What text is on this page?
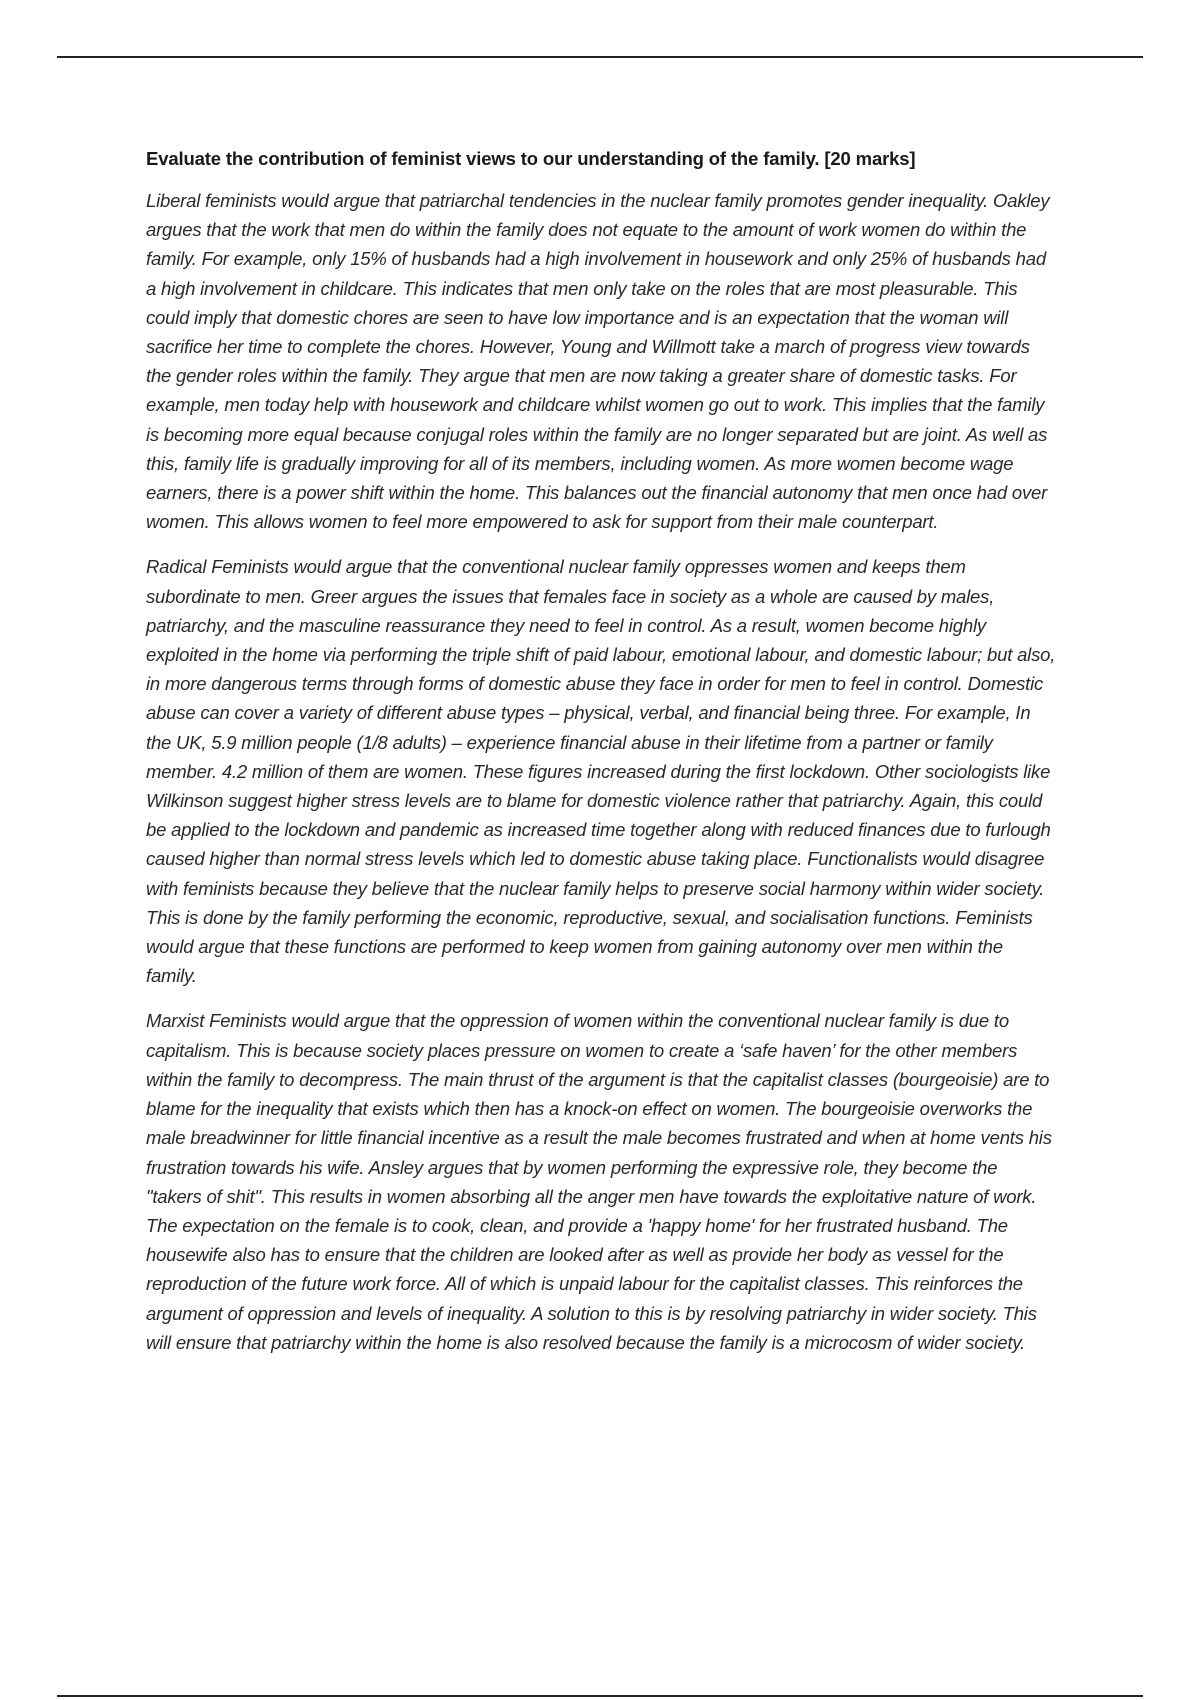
Evaluate the contribution of feminist views to our understanding of the family. [20 marks]

Liberal feminists would argue that patriarchal tendencies in the nuclear family promotes gender inequality. Oakley argues that the work that men do within the family does not equate to the amount of work women do within the family. For example, only 15% of husbands had a high involvement in housework and only 25% of husbands had a high involvement in childcare. This indicates that men only take on the roles that are most pleasurable. This could imply that domestic chores are seen to have low importance and is an expectation that the woman will sacrifice her time to complete the chores. However, Young and Willmott take a march of progress view towards the gender roles within the family. They argue that men are now taking a greater share of domestic tasks. For example, men today help with housework and childcare whilst women go out to work. This implies that the family is becoming more equal because conjugal roles within the family are no longer separated but are joint. As well as this, family life is gradually improving for all of its members, including women. As more women become wage earners, there is a power shift within the home. This balances out the financial autonomy that men once had over women. This allows women to feel more empowered to ask for support from their male counterpart.

Radical Feminists would argue that the conventional nuclear family oppresses women and keeps them subordinate to men. Greer argues the issues that females face in society as a whole are caused by males, patriarchy, and the masculine reassurance they need to feel in control. As a result, women become highly exploited in the home via performing the triple shift of paid labour, emotional labour, and domestic labour; but also, in more dangerous terms through forms of domestic abuse they face in order for men to feel in control. Domestic abuse can cover a variety of different abuse types – physical, verbal, and financial being three. For example, In the UK, 5.9 million people (1/8 adults) – experience financial abuse in their lifetime from a partner or family member. 4.2 million of them are women. These figures increased during the first lockdown. Other sociologists like Wilkinson suggest higher stress levels are to blame for domestic violence rather that patriarchy. Again, this could be applied to the lockdown and pandemic as increased time together along with reduced finances due to furlough caused higher than normal stress levels which led to domestic abuse taking place. Functionalists would disagree with feminists because they believe that the nuclear family helps to preserve social harmony within wider society. This is done by the family performing the economic, reproductive, sexual, and socialisation functions. Feminists would argue that these functions are performed to keep women from gaining autonomy over men within the family.

Marxist Feminists would argue that the oppression of women within the conventional nuclear family is due to capitalism. This is because society places pressure on women to create a ‘safe haven’ for the other members within the family to decompress. The main thrust of the argument is that the capitalist classes (bourgeoisie) are to blame for the inequality that exists which then has a knock-on effect on women. The bourgeoisie overworks the male breadwinner for little financial incentive as a result the male becomes frustrated and when at home vents his frustration towards his wife. Ansley argues that by women performing the expressive role, they become the "takers of shit". This results in women absorbing all the anger men have towards the exploitative nature of work. The expectation on the female is to cook, clean, and provide a 'happy home' for her frustrated husband. The housewife also has to ensure that the children are looked after as well as provide her body as vessel for the reproduction of the future work force. All of which is unpaid labour for the capitalist classes. This reinforces the argument of oppression and levels of inequality. A solution to this is by resolving patriarchy in wider society. This will ensure that patriarchy within the home is also resolved because the family is a microcosm of wider society.
